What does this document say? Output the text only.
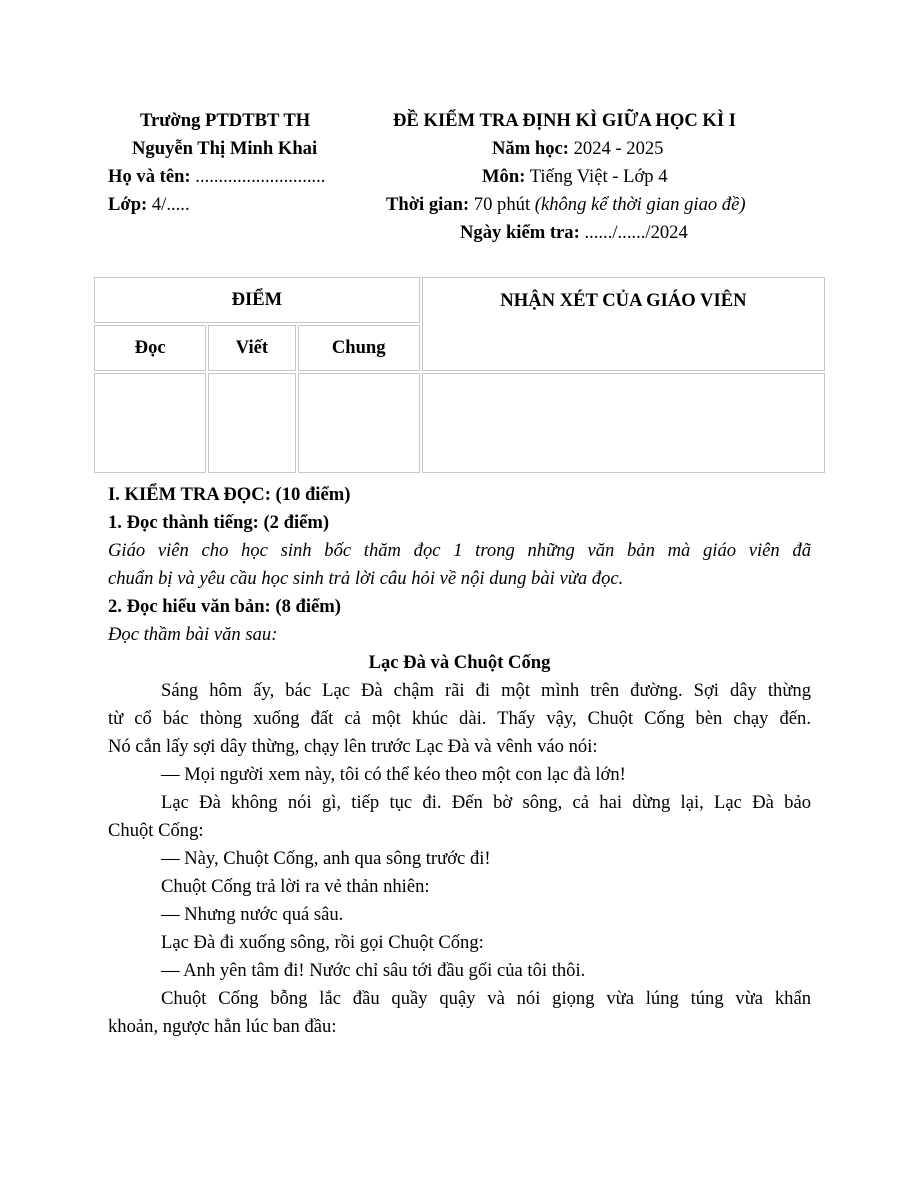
Trường PTDTBT TH
Nguyễn Thị Minh Khai
Họ và tên: ............................
Lớp: 4/.....
ĐỀ KIỂM TRA ĐỊNH KÌ GIỮA HỌC KÌ I
Năm học: 2024 - 2025
Môn: Tiếng Việt - Lớp 4
Thời gian: 70 phút (không kể thời gian giao đề)
Ngày kiểm tra: ....../....../2024
ĐIỂM			NHẬN XÉT CỦA GIÁO VIÊN
Đọc	Viết	Chung	

I. KIỂM TRA ĐỌC: (10 điểm)
1. Đọc thành tiếng: (2 điểm)
Giáo viên cho học sinh bốc thăm đọc 1 trong những văn bản mà giáo viên đã
chuẩn bị và yêu cầu học sinh trả lời câu hỏi về nội dung bài vừa đọc.
2. Đọc hiểu văn bản: (8 điểm)
Đọc thầm bài văn sau:
Lạc Đà và Chuột Cống
Sáng hôm ấy, bác Lạc Đà chậm rãi đi một mình trên đường. Sợi dây thừng
từ cổ bác thòng xuống đất cả một khúc dài. Thấy vậy, Chuột Cống bèn chạy đến.
Nó cắn lấy sợi dây thừng, chạy lên trước Lạc Đà và vênh váo nói:
— Mọi người xem này, tôi có thể kéo theo một con lạc đà lớn!
Lạc Đà không nói gì, tiếp tục đi. Đến bờ sông, cả hai dừng lại, Lạc Đà bảo
Chuột Cống:
— Này, Chuột Cống, anh qua sông trước đi!
Chuột Cống trả lời ra vẻ thản nhiên:
— Nhưng nước quá sâu.
Lạc Đà đi xuống sông, rồi gọi Chuột Cống:
— Anh yên tâm đi! Nước chỉ sâu tới đầu gối của tôi thôi.
Chuột Cống bỗng lắc đầu quầy quậy và nói giọng vừa lúng túng vừa khẩn
khoản, ngược hẳn lúc ban đầu:
